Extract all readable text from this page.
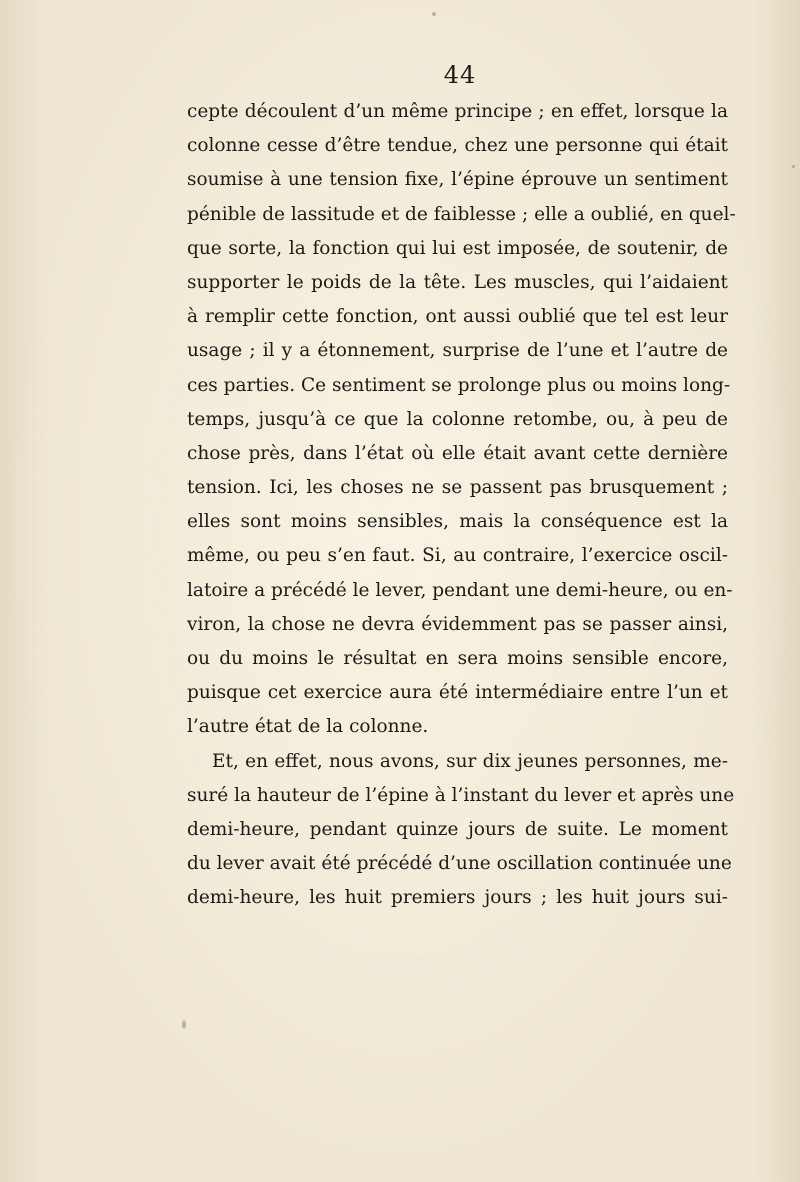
44
cepte découlent d’un même principe ; en effet, lorsque la
colonne cesse d’être tendue, chez une personne qui était
soumise à une tension fixe, l’épine éprouve un sentiment
pénible de lassitude et de faiblesse ; elle a oublié, en quel-
que sorte, la fonction qui lui est imposée, de soutenir, de
supporter le poids de la tête. Les muscles, qui l’aidaient
à remplir cette fonction, ont aussi oublié que tel est leur
usage ; il y a étonnement, surprise de l’une et l’autre de
ces parties. Ce sentiment se prolonge plus ou moins long-
temps, jusqu’à ce que la colonne retombe, ou, à peu de
chose près, dans l’état où elle était avant cette dernière
tension. Ici, les choses ne se passent pas brusquement ;
elles sont moins sensibles, mais la conséquence est la
même, ou peu s’en faut. Si, au contraire, l’exercice oscil-
latoire a précédé le lever, pendant une demi-heure, ou en-
viron, la chose ne devra évidemment pas se passer ainsi,
ou du moins le résultat en sera moins sensible encore,
puisque cet exercice aura été intermédiaire entre l’un et
l’autre état de la colonne.
Et, en effet, nous avons, sur dix jeunes personnes, me-
suré la hauteur de l’épine à l’instant du lever et après une
demi-heure, pendant quinze jours de suite. Le moment
du lever avait été précédé d’une oscillation continuée une
demi-heure, les huit premiers jours ; les huit jours sui-
